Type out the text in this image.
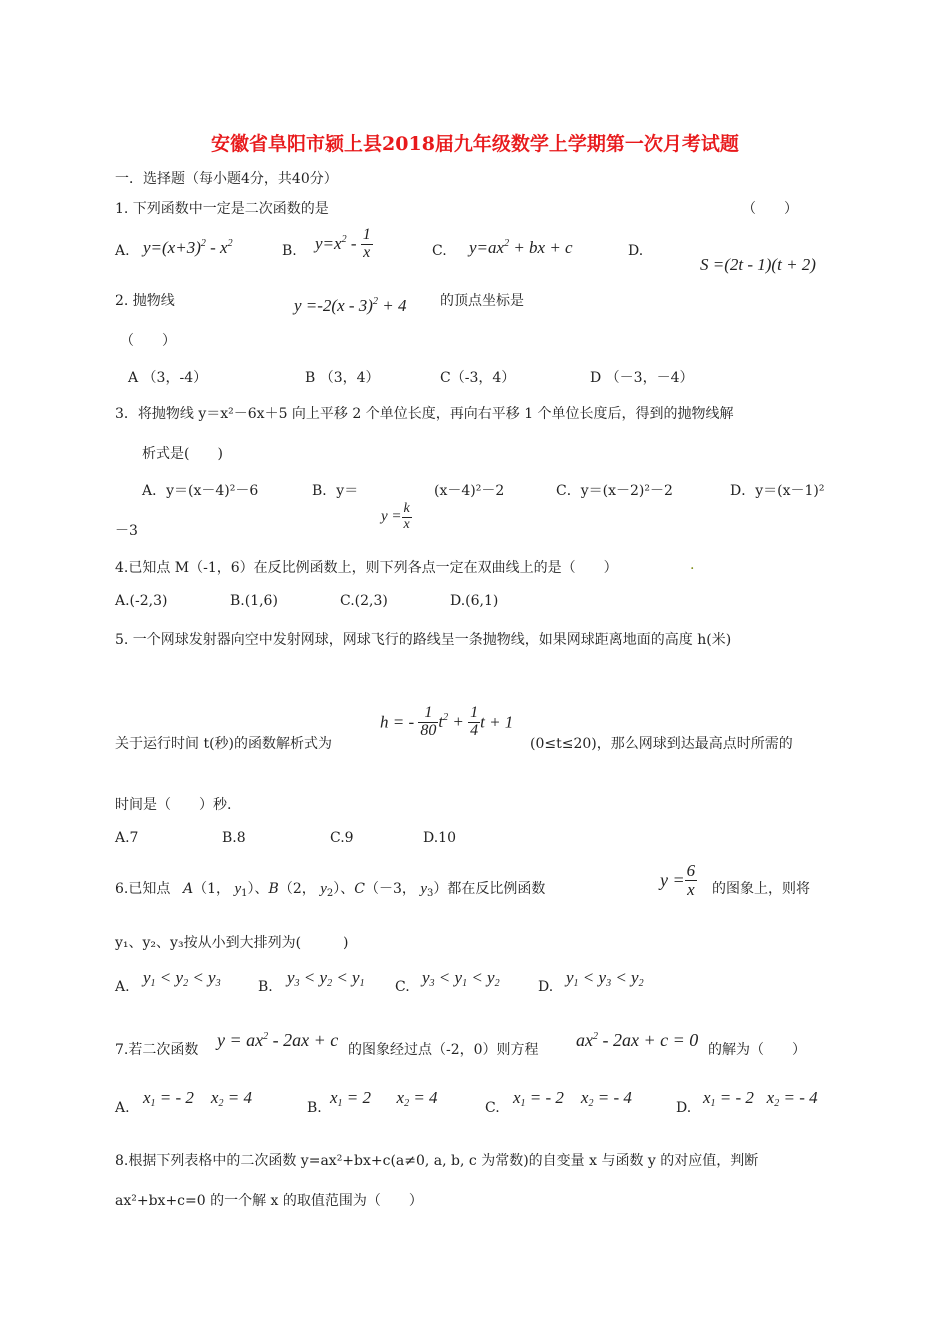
安徽省阜阳市颍上县2018届九年级数学上学期第一次月考试题
一．选择题（每小题4分，共40分）
1. 下列函数中一定是二次函数的是	（　　）
A. $y=(x+3)^2 - x^2$	B. $y=x^2 - \frac{1}{x}$	C. $y=ax^2$ + bx + c	D.
S =(2t - 1)(t + 2)
2. 抛物线	y =-2(x - 3)$^2$ + 4 的顶点坐标是
（　　）
A （3，-4）	B （3，4）	C（-3，4）	D （－3，－4）
3．将抛物线 y＝x²－6x＋5 向上平移 2 个单位长度，再向右平移 1 个单位长度后，得到的抛物线解
析式是(　　)
A．y＝(x－4)²－6	B．y＝	(x－4)²－2	C．y＝(x－2)²－2	D．y＝(x－1)²
－3
$y = \frac{k}{x}$
4.已知点 M（-1，6）在反比例函数上，则下列各点一定在双曲线上的是（　　）	.
A.(-2,3)	B.(1,6)	C.(2,3)	D.(6,1)
5. 一个网球发射器向空中发射网球，网球飞行的路线呈一条抛物线，如果网球距离地面的高度 h(米)
h = - $\frac{1}{80} t^2 + \frac{1}{4}$ t + 1
关于运行时间 t(秒)的函数解析式为	(0≤t≤20)，那么网球到达最高点时所需的
时间是（　　）秒.
A.7	B.8	C.9	D.10
6.已知点 A（1， $y_1$）、B（2， $y_2$）、C（－3， $y_3$）都在反比例函数	$y = \frac{6}{x}$ 的图象上，则将
y₁、y₂、y₃按从小到大排列为(　　　)
A. $y_1 < y_2 < y_3$	B. $y_3 < y_2 < y_1$ C. $y_3 < y_1 < y_2$	D. $y_1 < y_3 < y_2$
7.若二次函数 $y = ax^2 - 2ax + c$ 的图象经过点（-2，0）则方程 $ax^2 - 2ax + c = 0$ 的解为（　　）
A.
$x_1$ = - 2    $x_2 = 4$
B.
$x_1 = 2$      $x_2 = 4$
C.
$x_1$ = - 2    $x_2$ = - 4
D.
$x_1$ = - 2   $x_2$ = - 4
8.根据下列表格中的二次函数 y=ax²+bx+c(a≠0, a, b, c 为常数)的自变量 x 与函数 y 的对应值，判断
ax²+bx+c=0 的一个解 x 的取值范围为（　　）
